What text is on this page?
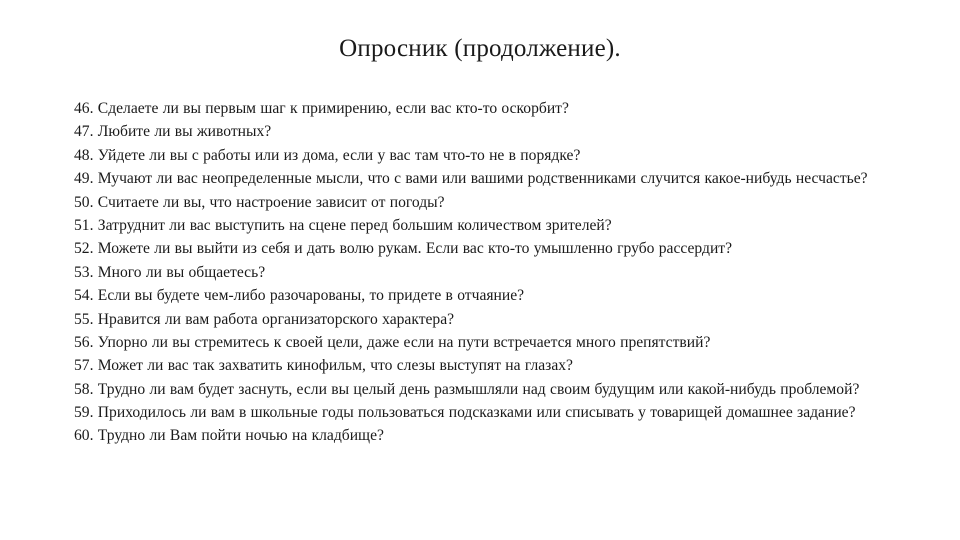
Опросник (продолжение).
46. Сделаете ли вы первым шаг к примирению, если вас кто-то оскорбит?
47. Любите ли вы животных?
48. Уйдете ли вы с работы или из дома, если у вас там что-то не в порядке?
49. Мучают ли вас неопределенные мысли, что с вами или вашими родственниками случится какое-нибудь несчастье?
50. Считаете ли вы, что настроение зависит от погоды?
51. Затруднит ли вас выступить на сцене перед большим количеством зрителей?
52. Можете ли вы выйти из себя и дать волю рукам. Если вас кто-то умышленно грубо рассердит?
53. Много ли вы общаетесь?
54. Если вы будете чем-либо разочарованы, то придете в отчаяние?
55. Нравится ли вам работа организаторского характера?
56. Упорно ли вы стремитесь к своей цели, даже если на пути встречается много препятствий?
57. Может ли вас так захватить кинофильм, что слезы выступят на глазах?
58. Трудно ли вам будет заснуть, если вы целый день размышляли над своим будущим или какой-нибудь проблемой?
59. Приходилось ли вам в школьные годы пользоваться подсказками или списывать у товарищей домашнее задание?
60. Трудно ли Вам пойти ночью на кладбище?
